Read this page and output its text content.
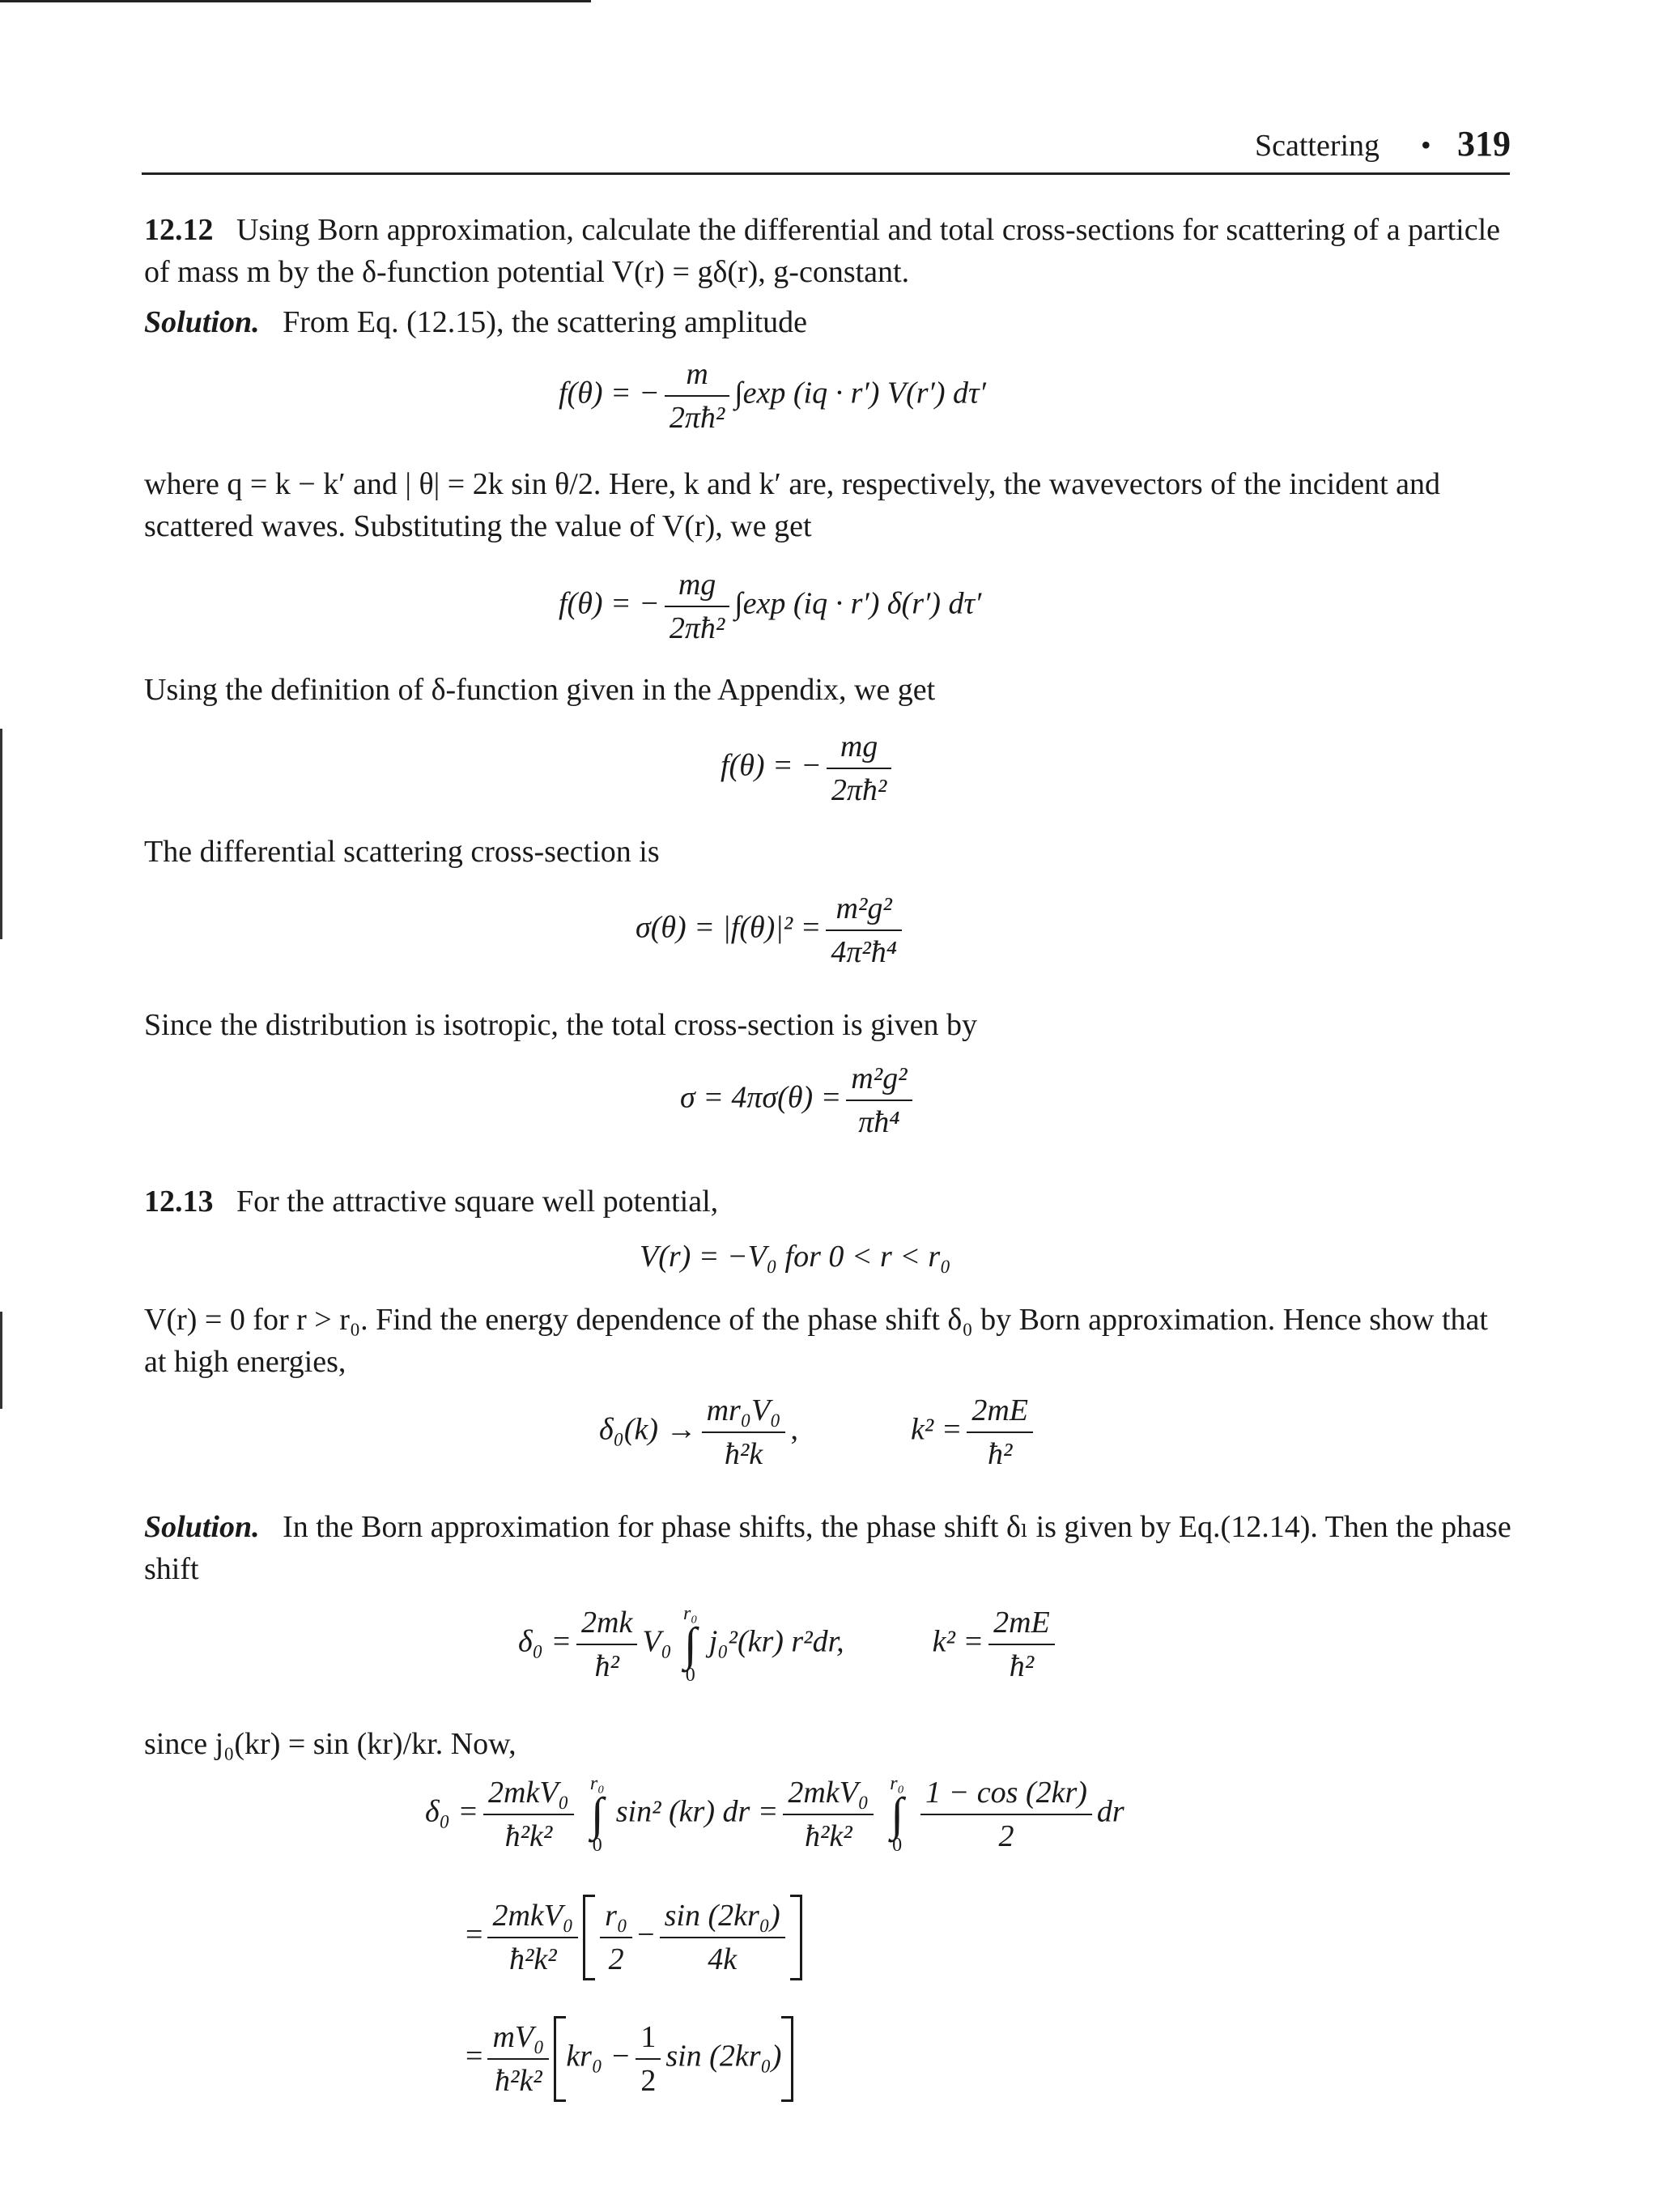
Scattering • 319

12.12 Using Born approximation, calculate the differential and total cross-sections for scattering of a particle of mass m by the δ-function potential V(r) = gδ(r), g-constant.

Solution. From Eq. (12.15), the scattering amplitude

f(θ) = − $\frac{m}{\text{2πħ²}} \int\exp$ (iq · r′) V(r′) dτ′

where q = k − k′ and | θ| = 2k sin θ/2. Here, k and k′ are, respectively, the wavevectors of the incident and scattered waves. Substituting the value of V(r), we get

f(θ) = − $\frac{mg}{\text{2πħ²}} \int\exp$ (iq · r′) δ(r′) dτ′

Using the definition of δ-function given in the Appendix, we get

f(θ) = − $\frac{mg}{\text{2πħ²}}$

The differential scattering cross-section is

$\sigma(\theta) = |f(\theta)|^2 = \frac{\text{m²g²}}{\text{4π²ħ⁴}}$

Since the distribution is isotropic, the total cross-section is given by

$\sigma = 4\pi\sigma(\theta) = \frac{\text{m²g²}}{\text{πħ⁴}}$

12.13 For the attractive square well potential,

V(r) = −V₀ for 0 < r < r₀

V(r) = 0 for r > r₀. Find the energy dependence of the phase shift δ₀ by Born approximation. Hence show that at high energies,

$\delta_0(k) \to \frac{\text{mr₀V₀}}{\text{ħ²k}}$ ,	$k^2 = \frac{2mE}{\text{ħ²}}$

Solution. In the Born approximation for phase shifts, the phase shift δₗ is given by Eq.(12.14). Then the phase shift

$\delta_0 = \frac{2mk}{\text{ħ²}} V_0$
r₀
∫
0
j₀²(kr) r²dr,	$k^2 = \frac{2mE}{\text{ħ²}}$

since j₀(kr) = sin (kr)/kr. Now,

$\delta_0 = \frac{\text{2mkV₀}}{\text{ħ²k²}} r_0$
∫
0
sin² (kr) dr = $\frac{\text{2mkV₀}}{\text{ħ²k²}} r_0$
∫
$0 \frac{1 - \cos (2kr)}{2}$ dr
= $\frac{\text{2mkV₀}}{\text{ħ²k²}} \frac{\text{r₀}}{2} - \frac{\text{sin (2kr₀)}}{4k}$
= $\frac{\text{mV₀}}{\text{ħ²k²}} kr_0 - \frac{1}{2}$ sin (2kr₀)
